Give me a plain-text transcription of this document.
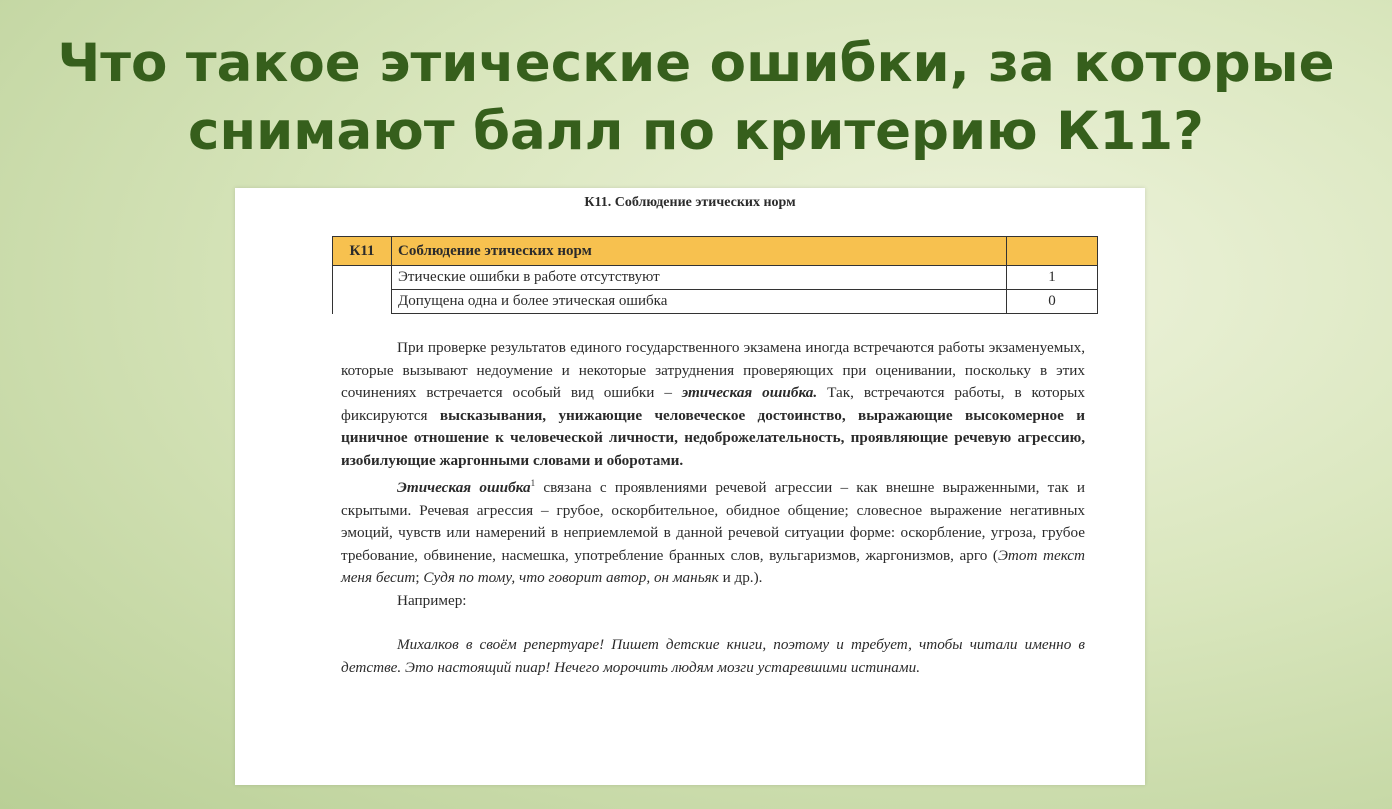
Что такое этические ошибки, за которые
снимают балл по критерию К11?
К11. Соблюдение этических норм
К11	Соблюдение этических норм	
	Этические ошибки в работе отсутствуют	1
	Допущена одна и более этическая ошибка	0

При проверке результатов единого государственного экзамена иногда встречаются работы экзаменуемых, которые вызывают недоумение и некоторые затруднения проверяющих при оценивании, поскольку в этих сочинениях встречается особый вид ошибки – этическая ошибка. Так, встречаются работы, в которых фиксируются высказывания, унижающие человеческое достоинство, выражающие высокомерное и циничное отношение к человеческой личности, недоброжелательность, проявляющие речевую агрессию, изобилующие жаргонными словами и оборотами.

Этическая ошибка$^1$ связана с проявлениями речевой агрессии – как внешне выраженными, так и скрытыми. Речевая агрессия – грубое, оскорбительное, обидное общение; словесное выражение негативных эмоций, чувств или намерений в неприемлемой в данной речевой ситуации форме: оскорбление, угроза, грубое требование, обвинение, насмешка, употребление бранных слов, вульгаризмов, жаргонизмов, арго (Этот текст меня бесит; Судя по тому, что говорит автор, он маньяк и др.).

Например:

Михалков в своём репертуаре! Пишет детские книги, поэтому и требует, чтобы читали именно в детстве. Это настоящий пиар! Нечего морочить людям мозги устаревшими истинами.
